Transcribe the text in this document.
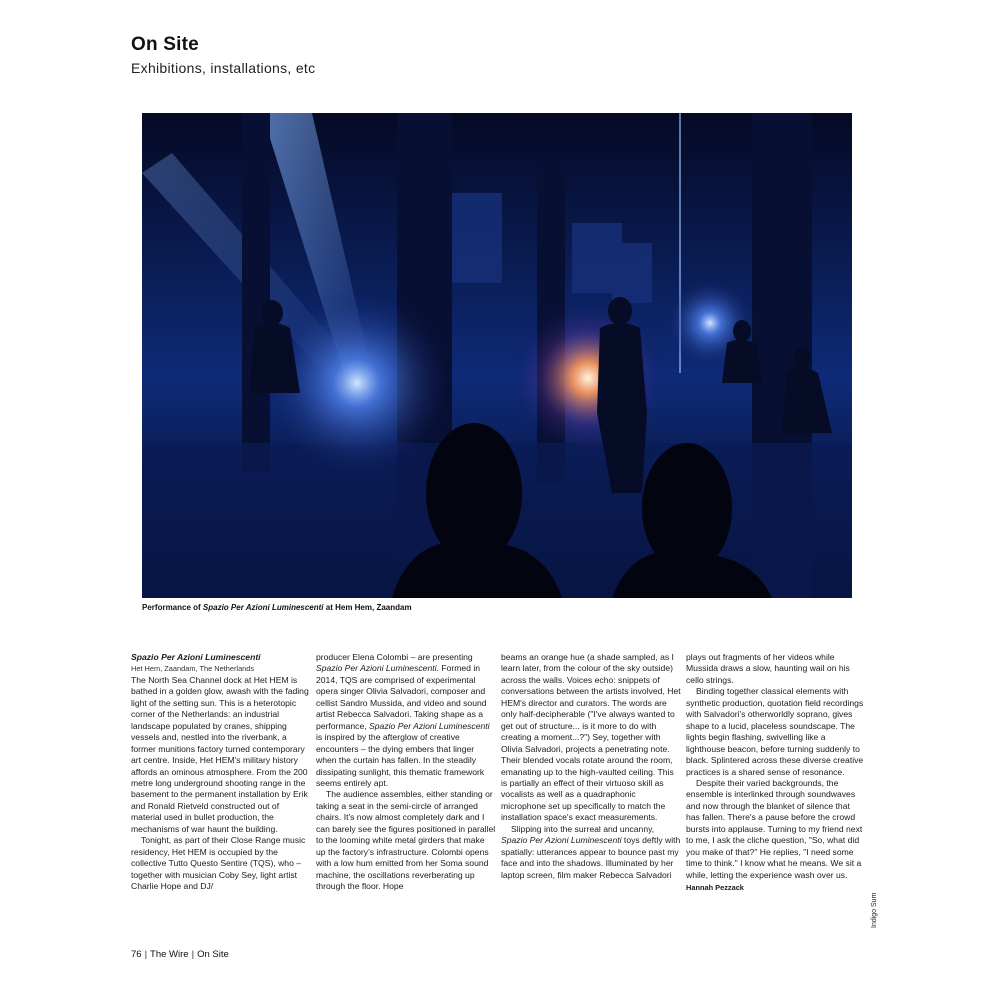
On Site
Exhibitions, installations, etc
Performance of Spazio Per Azioni Luminescenti at Hem Hem, Zaandam
Spazio Per Azioni Luminescenti
Het Hem, Zaandam, The Netherlands

The North Sea Channel dock at Het HEM is bathed in a golden glow, awash with the fading light of the setting sun. This is a heterotopic corner of the Netherlands: an industrial landscape populated by cranes, shipping vessels and, nestled into the riverbank, a former munitions factory turned contemporary art centre. Inside, Het HEM's military history affords an ominous atmosphere. From the 200 metre long underground shooting range in the basement to the permanent installation by Erik and Ronald Rietveld constructed out of material used in bullet production, the mechanisms of war haunt the building.

Tonight, as part of their Close Range music residency, Het HEM is occupied by the collective Tutto Questo Sentire (TQS), who – together with musician Coby Sey, light artist Charlie Hope and DJ/

producer Elena Colombi – are presenting Spazio Per Azioni Luminescenti. Formed in 2014, TQS are comprised of experimental opera singer Olivia Salvadori, composer and cellist Sandro Mussida, and video and sound artist Rebecca Salvadori. Taking shape as a performance, Spazio Per Azioni Luminescenti is inspired by the afterglow of creative encounters – the dying embers that linger when the curtain has fallen. In the steadily dissipating sunlight, this thematic framework seems entirely apt.

The audience assembles, either standing or taking a seat in the semi-circle of arranged chairs. It's now almost completely dark and I can barely see the figures positioned in parallel to the looming white metal girders that make up the factory's infrastructure. Colombi opens with a low hum emitted from her Soma sound machine, the oscillations reverberating up through the floor. Hope

beams an orange hue (a shade sampled, as I learn later, from the colour of the sky outside) across the walls. Voices echo: snippets of conversations between the artists involved, Het HEM's director and curators. The words are only half-decipherable ("I've always wanted to get out of structure... is it more to do with creating a moment...?") Sey, together with Olivia Salvadori, projects a penetrating note. Their blended vocals rotate around the room, emanating up to the high-vaulted ceiling. This is partially an effect of their virtuoso skill as vocalists as well as a quadraphonic microphone set up specifically to match the installation space's exact measurements.

Slipping into the surreal and uncanny, Spazio Per Azioni Luminescenti toys deftly with spatially: utterances appear to bounce past my face and into the shadows. Illuminated by her laptop screen, film maker Rebecca Salvadori

plays out fragments of her videos while Mussida draws a slow, haunting wail on his cello strings.

Binding together classical elements with synthetic production, quotation field recordings with Salvadori's otherworldly soprano, gives shape to a lucid, placeless soundscape. The lights begin flashing, swivelling like a lighthouse beacon, before turning suddenly to black. Splintered across these diverse creative practices is a shared sense of resonance.

Despite their varied backgrounds, the ensemble is interlinked through soundwaves and now through the blanket of silence that has fallen. There's a pause before the crowd bursts into applause. Turning to my friend next to me, I ask the cliche question, "So, what did you make of that?" He replies, "I need some time to think." I know what he means. We sit a while, letting the experience wash over us.

Hannah Pezzack
Indigo Sum
76 | The Wire | On Site
